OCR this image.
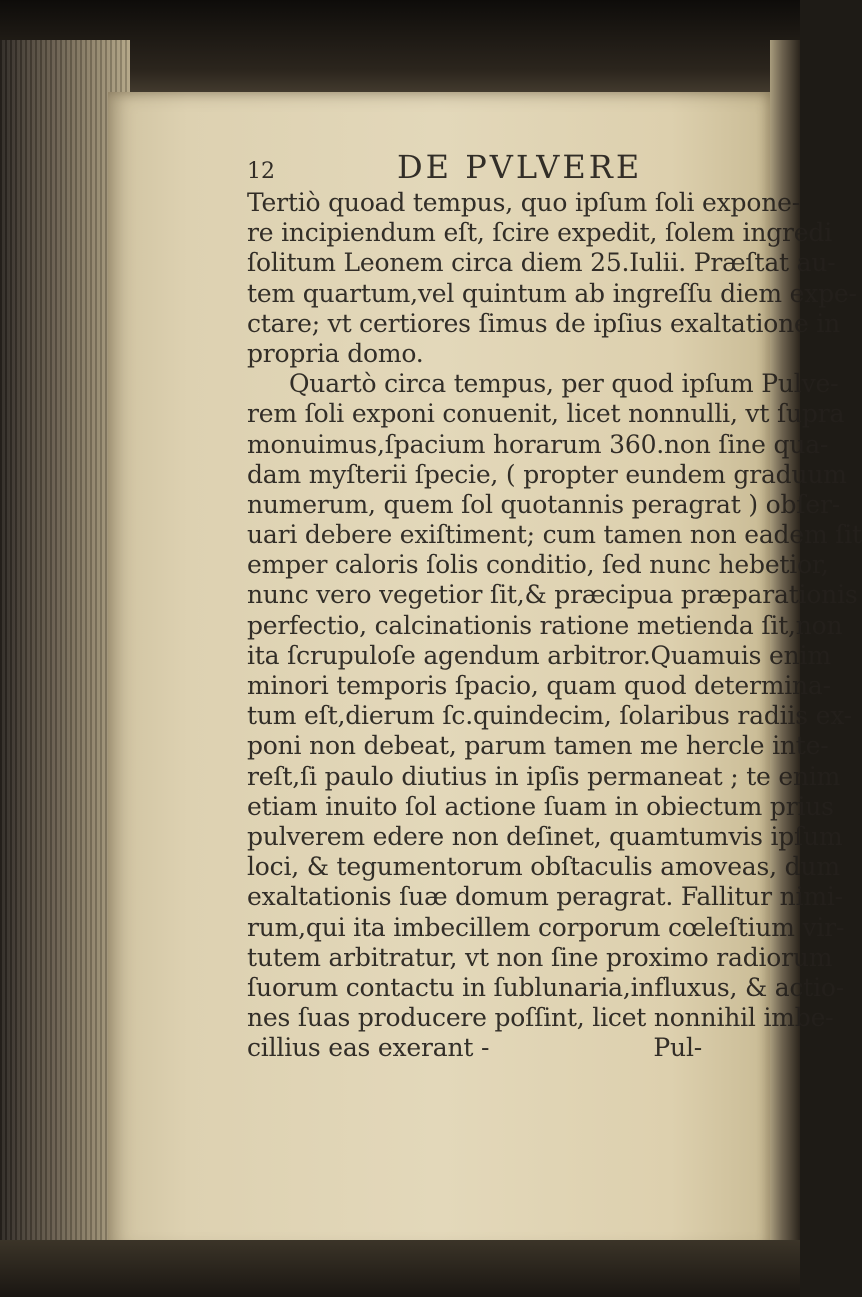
12	DE PVLVERE
Tertiò quoad tempus, quo ipſum ſoli expone-
re incipiendum eſt, ſcire expedit, ſolem ingredi
ſolitum Leonem circa diem 25.Iulii. Præſtat au-
tem quartum,vel quintum ab ingreſſu diem expe-
ctare; vt certiores ſimus de ipſius exaltatione in
propria domo.
Quartò circa tempus, per quod ipſum Pulve-
rem ſoli exponi conuenit, licet nonnulli, vt ſupra
monuimus,ſpacium horarum 360.non ſine qua-
dam myſterii ſpecie, ( propter eundem graduum
numerum, quem ſol quotannis peragrat ) obſer-
uari debere exiſtiment; cum tamen non eadem ſit
emper caloris ſolis conditio, ſed nunc hebetior,
nunc vero vegetior ſit,& præcipua præparationis
perfectio, calcinationis ratione metienda ſit,non
ita ſcrupuloſe agendum arbitror.Quamuis enim
minori temporis ſpacio, quam quod determina-
tum eſt,dierum ſc.quindecim, ſolaribus radiis ex-
poni non debeat, parum tamen me hercle inte-
reſt,ſi paulo diutius in ipſis permaneat ; te enim
etiam inuito ſol actione ſuam in obiectum prius
pulverem edere non deſinet, quamtumvis ipſum
loci, & tegumentorum obſtaculis amoveas, dum
exaltationis ſuæ domum peragrat. Fallitur nimi-
rum,qui ita imbecillem corporum cœleſtium vir-
tutem arbitratur, vt non ſine proximo radiorum
ſuorum contactu in ſublunaria,influxus, & actio-
nes ſuas producere poſſint, licet nonnihil imbe-
cillius eas exerant -	Pul-
